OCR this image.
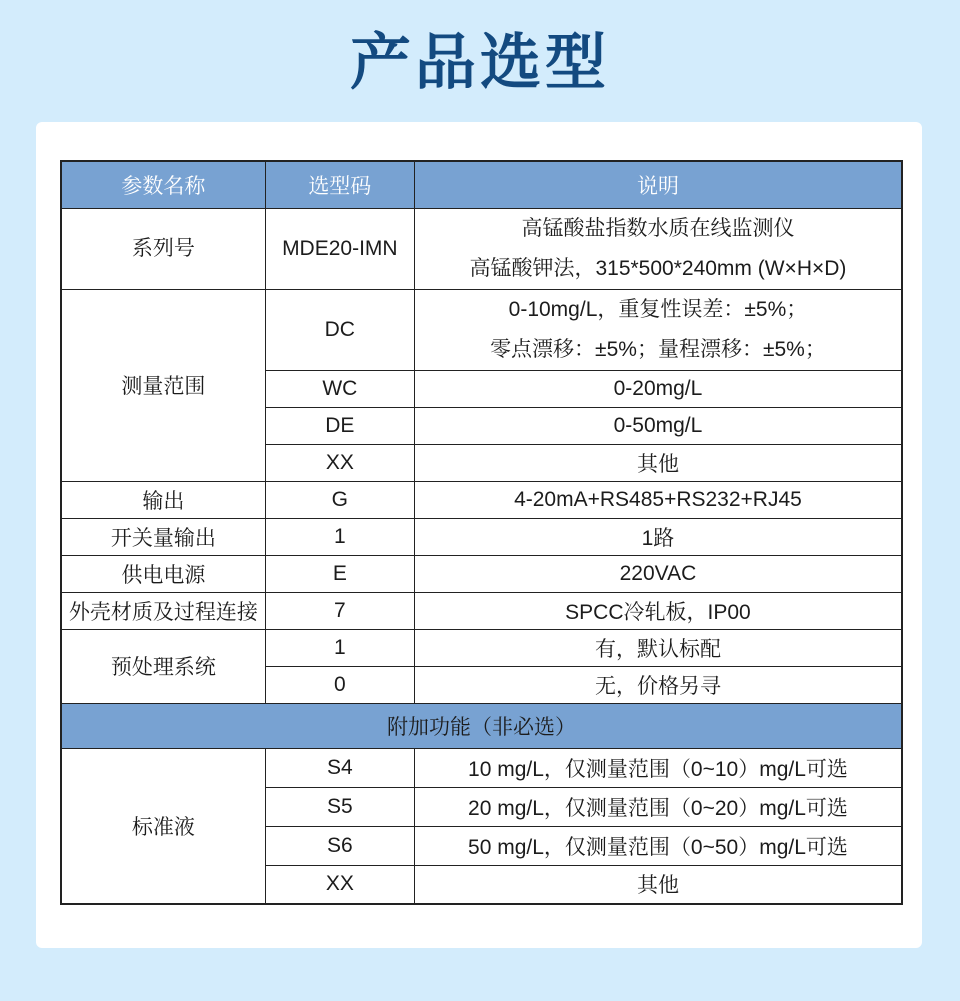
产品选型
参数名称	选型码	说明
系列号	MDE20-IMN	高锰酸盐指数水质在线监测仪
高锰酸钾法，315*500*240mm (W×H×D)

测量范围	DC	0-10mg/L，重复性误差：±5%；
零点漂移：±5%；量程漂移：±5%；

	WC	0-20mg/L
	DE	0-50mg/L
	XX	其他
输出	G	4-20mA+RS485+RS232+RJ45
开关量输出	1	1路
供电电源	E	220VAC
外壳材质及过程连接	7	SPCC冷轧板，IP00
预处理系统	1	有，默认标配
	0	无，价格另寻
附加功能（非必选）		
标准液	S4	10 mg/L，仅测量范围（0~10）mg/L可选
	S5	20 mg/L，仅测量范围（0~20）mg/L可选
	S6	50 mg/L，仅测量范围（0~50）mg/L可选
	XX	其他
